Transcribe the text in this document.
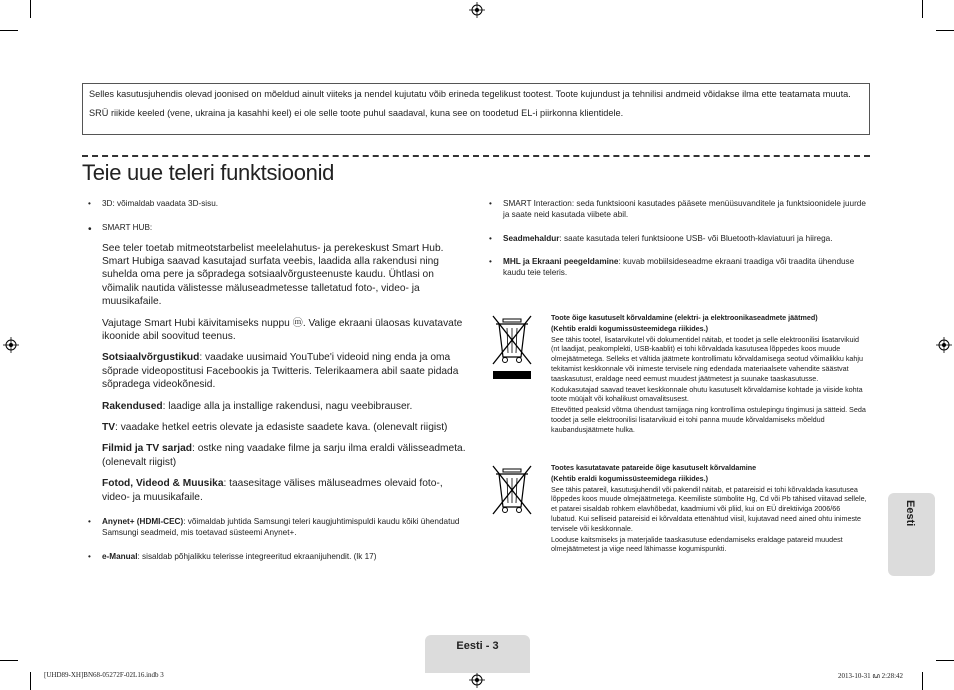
Selles kasutusjuhendis olevad joonised on mõeldud ainult viiteks ja nendel kujutatu võib erineda tegelikust tootest. Toote kujundust ja tehnilisi andmeid võidakse ilma ette teatamata muuta.

SRÜ riikide keeled (vene, ukraina ja kasahhi keel) ei ole selle toote puhul saadaval, kuna see on toodetud EL-i piirkonna klientidele.

Teie uue teleri funktsioonid
• 3D: võimaldab vaadata 3D-sisu.
• SMART HUB:
See teler toetab mitmeotstarbelist meelelahutus- ja perekeskust Smart Hub. Smart Hubiga saavad kasutajad surfata veebis, laadida alla rakendusi ning suhelda oma pere ja sõpradega sotsiaalvõrgusteenuste kaudu. Ühtlasi on võimalik nautida välistesse mäluseadmetesse talletatud foto-, video- ja muusikafaile.
Vajutage Smart Hubi käivitamiseks nuppu ⓜ. Valige ekraani ülaosas kuvatavate ikoonide abil soovitud teenus.
Sotsiaalvõrgustikud: vaadake uusimaid YouTube'i videoid ning enda ja oma sõprade videopostitusi Facebookis ja Twitteris. Telerikaamera abil saate pidada sõpradega videokõnesid.
Rakendused: laadige alla ja installige rakendusi, nagu veebibrauser.
TV: vaadake hetkel eetris olevate ja edasiste saadete kava. (olenevalt riigist)
Filmid ja TV sarjad: ostke ning vaadake filme ja sarju ilma eraldi välisseadmeta. (olenevalt riigist)
Fotod, Videod & Muusika: taasesitage välises mäluseadmes olevaid foto-, video- ja muusikafaile.
• Anynet+ (HDMI-CEC): võimaldab juhtida Samsungi teleri kaugjuhtimispuldi kaudu kõiki ühendatud Samsungi seadmeid, mis toetavad süsteemi Anynet+.
• e-Manual: sisaldab põhjalikku telerisse integreeritud ekraanijuhendit. (lk 17)
• SMART Interaction: seda funktsiooni kasutades pääsete menüüsuvanditele ja funktsioonidele juurde ja saate neid kasutada viibete abil.
• Seadmehaldur: saate kasutada teleri funktsioone USB- või Bluetooth-klaviatuuri ja hiirega.
• MHL ja Ekraani peegeldamine: kuvab mobiilsideseadme ekraani traadiga või traadita ühenduse kaudu teie teleris.

Toote õige kasutuselt kõrvaldamine (elektri- ja elektroonikaseadmete jäätmed)

(Kehtib eraldi kogumissüsteemidega riikides.)

See tähis tootel, lisatarvikutel või dokumentidel näitab, et toodet ja selle elektroonilisi lisatarvikuid (nt laadijat, peakomplekti, USB-kaablit) ei tohi kõrvaldada kasutusea lõppedes koos muude olmejäätmetega. Selleks et vältida jäätmete kontrollimatu kõrvaldamisega seotud võimalikku kahju tekitamist keskkonnale või inimeste tervisele ning edendada materiaalsete vahendite säästvat taaskasutust, eraldage need eemust muudest jäätmetest ja suunake taaskasutusse.

Kodukasutajad saavad teavet keskkonnale ohutu kasutuselt kõrvaldamise kohtade ja viiside kohta toote müüjalt või kohalikust omavalitsusest.

Ettevõtted peaksid võtma ühendust tarnijaga ning kontrollima ostulepingu tingimusi ja sätteid. Seda toodet ja selle elektroonilisi lisatarvikuid ei tohi panna muude kõrvaldamiseks mõeldud kaubandusjäätmete hulka.

Tootes kasutatavate patareide õige kasutuselt kõrvaldamine

(Kehtib eraldi kogumissüsteemidega riikides.)

See tähis patareil, kasutusjuhendil või pakendil näitab, et patareisid ei tohi kõrvaldada kasutusea lõppedes koos muude olmejäätmetega. Keemiliste sümbolite Hg, Cd või Pb tähised viitavad sellele, et patarei sisaldab rohkem elavhõbedat, kaadmiumi või pliid, kui on EÜ direktiiviga 2006/66 lubatud. Kui selliseid patareisid ei kõrvaldata ettenähtud viisil, kujutavad need ained ohtu inimeste tervisele või keskkonnale.

Looduse kaitsmiseks ja materjalide taaskasutuse edendamiseks eraldage patareid muudest olmejäätmetest ja viige need lähimasse kogumispunkti.

Eesti
Eesti - 3
[UHD89-XH]BN68-05272F-02L16.indb 3	2013-10-31 ꦝ 2:28:42
